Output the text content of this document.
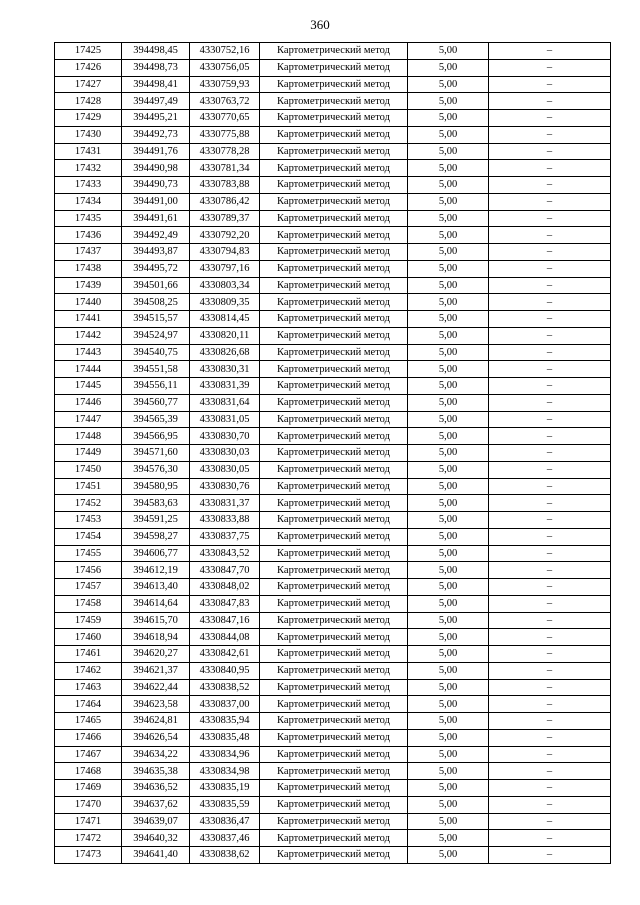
360
17425	394498,45	4330752,16	Картометрический метод	5,00	–
17426	394498,73	4330756,05	Картометрический метод	5,00	–
17427	394498,41	4330759,93	Картометрический метод	5,00	–
17428	394497,49	4330763,72	Картометрический метод	5,00	–
17429	394495,21	4330770,65	Картометрический метод	5,00	–
17430	394492,73	4330775,88	Картометрический метод	5,00	–
17431	394491,76	4330778,28	Картометрический метод	5,00	–
17432	394490,98	4330781,34	Картометрический метод	5,00	–
17433	394490,73	4330783,88	Картометрический метод	5,00	–
17434	394491,00	4330786,42	Картометрический метод	5,00	–
17435	394491,61	4330789,37	Картометрический метод	5,00	–
17436	394492,49	4330792,20	Картометрический метод	5,00	–
17437	394493,87	4330794,83	Картометрический метод	5,00	–
17438	394495,72	4330797,16	Картометрический метод	5,00	–
17439	394501,66	4330803,34	Картометрический метод	5,00	–
17440	394508,25	4330809,35	Картометрический метод	5,00	–
17441	394515,57	4330814,45	Картометрический метод	5,00	–
17442	394524,97	4330820,11	Картометрический метод	5,00	–
17443	394540,75	4330826,68	Картометрический метод	5,00	–
17444	394551,58	4330830,31	Картометрический метод	5,00	–
17445	394556,11	4330831,39	Картометрический метод	5,00	–
17446	394560,77	4330831,64	Картометрический метод	5,00	–
17447	394565,39	4330831,05	Картометрический метод	5,00	–
17448	394566,95	4330830,70	Картометрический метод	5,00	–
17449	394571,60	4330830,03	Картометрический метод	5,00	–
17450	394576,30	4330830,05	Картометрический метод	5,00	–
17451	394580,95	4330830,76	Картометрический метод	5,00	–
17452	394583,63	4330831,37	Картометрический метод	5,00	–
17453	394591,25	4330833,88	Картометрический метод	5,00	–
17454	394598,27	4330837,75	Картометрический метод	5,00	–
17455	394606,77	4330843,52	Картометрический метод	5,00	–
17456	394612,19	4330847,70	Картометрический метод	5,00	–
17457	394613,40	4330848,02	Картометрический метод	5,00	–
17458	394614,64	4330847,83	Картометрический метод	5,00	–
17459	394615,70	4330847,16	Картометрический метод	5,00	–
17460	394618,94	4330844,08	Картометрический метод	5,00	–
17461	394620,27	4330842,61	Картометрический метод	5,00	–
17462	394621,37	4330840,95	Картометрический метод	5,00	–
17463	394622,44	4330838,52	Картометрический метод	5,00	–
17464	394623,58	4330837,00	Картометрический метод	5,00	–
17465	394624,81	4330835,94	Картометрический метод	5,00	–
17466	394626,54	4330835,48	Картометрический метод	5,00	–
17467	394634,22	4330834,96	Картометрический метод	5,00	–
17468	394635,38	4330834,98	Картометрический метод	5,00	–
17469	394636,52	4330835,19	Картометрический метод	5,00	–
17470	394637,62	4330835,59	Картометрический метод	5,00	–
17471	394639,07	4330836,47	Картометрический метод	5,00	–
17472	394640,32	4330837,46	Картометрический метод	5,00	–
17473	394641,40	4330838,62	Картометрический метод	5,00	–
